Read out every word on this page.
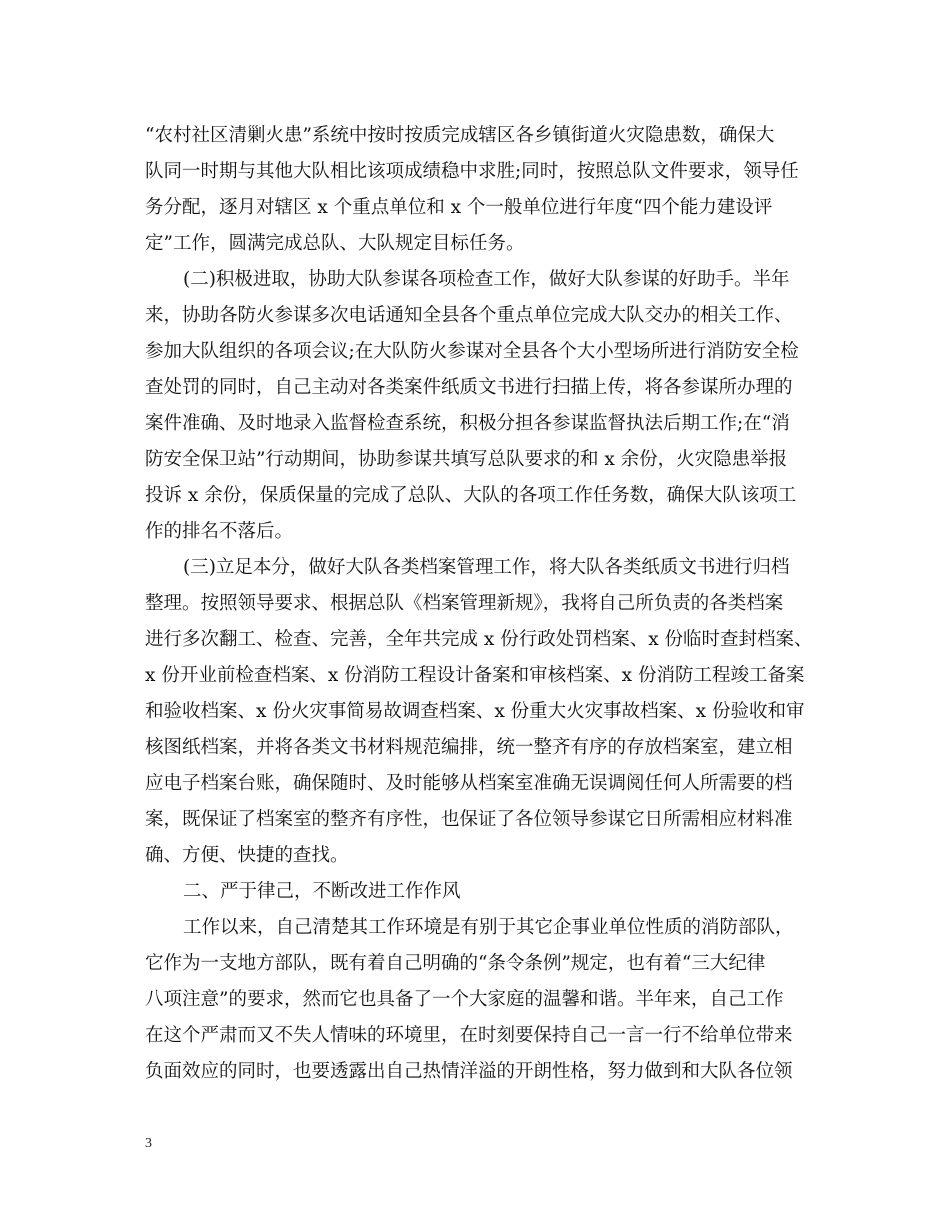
“农村社区清剿火患”系统中按时按质完成辖区各乡镇街道火灾隐患数，确保大
队同一时期与其他大队相比该项成绩稳中求胜;同时，按照总队文件要求，领导任
务分配，逐月对辖区 x 个重点单位和 x 个一般单位进行年度“四个能力建设评
定”工作，圆满完成总队、大队规定目标任务。
(二)积极进取，协助大队参谋各项检查工作，做好大队参谋的好助手。半年
来，协助各防火参谋多次电话通知全县各个重点单位完成大队交办的相关工作、
参加大队组织的各项会议;在大队防火参谋对全县各个大小型场所进行消防安全检
查处罚的同时，自己主动对各类案件纸质文书进行扫描上传，将各参谋所办理的
案件准确、及时地录入监督检查系统，积极分担各参谋监督执法后期工作;在“消
防安全保卫站”行动期间，协助参谋共填写总队要求的和 x 余份，火灾隐患举报
投诉 x 余份，保质保量的完成了总队、大队的各项工作任务数，确保大队该项工
作的排名不落后。
(三)立足本分，做好大队各类档案管理工作，将大队各类纸质文书进行归档
整理。按照领导要求、根据总队《档案管理新规》，我将自己所负责的各类档案
进行多次翻工、检查、完善，全年共完成 x 份行政处罚档案、x 份临时查封档案、
x 份开业前检查档案、x 份消防工程设计备案和审核档案、x 份消防工程竣工备案
和验收档案、x 份火灾事简易故调查档案、x 份重大火灾事故档案、x 份验收和审
核图纸档案，并将各类文书材料规范编排，统一整齐有序的存放档案室，建立相
应电子档案台账，确保随时、及时能够从档案室准确无误调阅任何人所需要的档
案，既保证了档案室的整齐有序性，也保证了各位领导参谋它日所需相应材料准
确、方便、快捷的查找。
二、严于律己，不断改进工作作风
工作以来，自己清楚其工作环境是有别于其它企事业单位性质的消防部队，
它作为一支地方部队，既有着自己明确的“条令条例”规定，也有着“三大纪律
八项注意”的要求，然而它也具备了一个大家庭的温馨和谐。半年来，自己工作
在这个严肃而又不失人情味的环境里，在时刻要保持自己一言一行不给单位带来
负面效应的同时，也要透露出自己热情洋溢的开朗性格，努力做到和大队各位领
3
